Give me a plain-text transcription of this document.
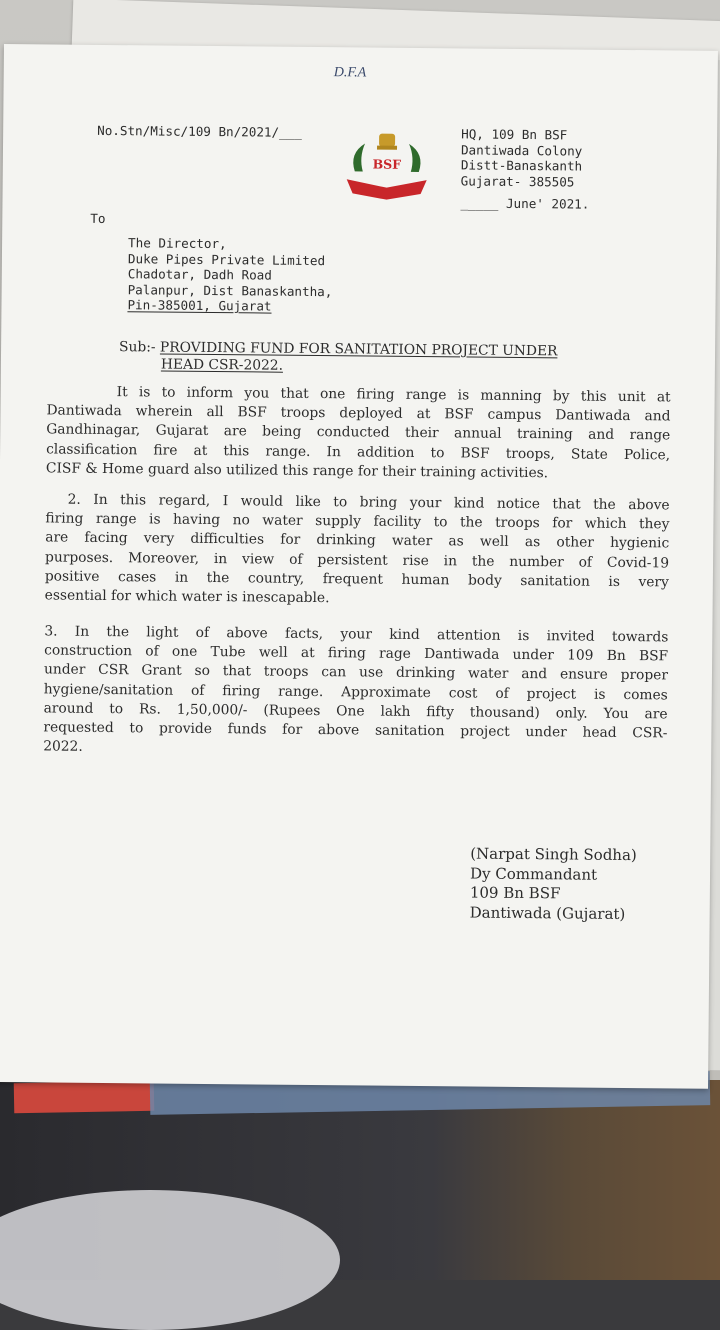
D.F.A
No.Stn/Misc/109 Bn/2021/___
BSF
HQ, 109 Bn BSF
Dantiwada Colony
Distt-Banaskanth
Gujarat- 385505
_____ June' 2021.
To
The Director,
Duke Pipes Private Limited
Chadotar, Dadh Road
Palanpur, Dist Banaskantha,
Pin-385001, Gujarat
Sub:- PROVIDING FUND FOR SANITATION PROJECT UNDER
HEAD CSR-2022.
It is to inform you that one firing range is manning by this unit at
Dantiwada wherein all BSF troops deployed at BSF campus Dantiwada and
Gandhinagar, Gujarat are being conducted their annual training and range
classification fire at this range. In addition to BSF troops, State Police,
CISF & Home guard also utilized this range for their training activities.
2. In this regard, I would like to bring your kind notice that the above
firing range is having no water supply facility to the troops for which they
are facing very difficulties for drinking water as well as other hygienic
purposes. Moreover, in view of persistent rise in the number of Covid-19
positive cases in the country, frequent human body sanitation is very
essential for which water is inescapable.
3. In the light of above facts, your kind attention is invited towards
construction of one Tube well at firing rage Dantiwada under 109 Bn BSF
under CSR Grant so that troops can use drinking water and ensure proper
hygiene/sanitation of firing range. Approximate cost of project is comes
around to Rs. 1,50,000/- (Rupees One lakh fifty thousand) only. You are
requested to provide funds for above sanitation project under head CSR-
2022.
(Narpat Singh Sodha)
Dy Commandant
109 Bn BSF
Dantiwada (Gujarat)
